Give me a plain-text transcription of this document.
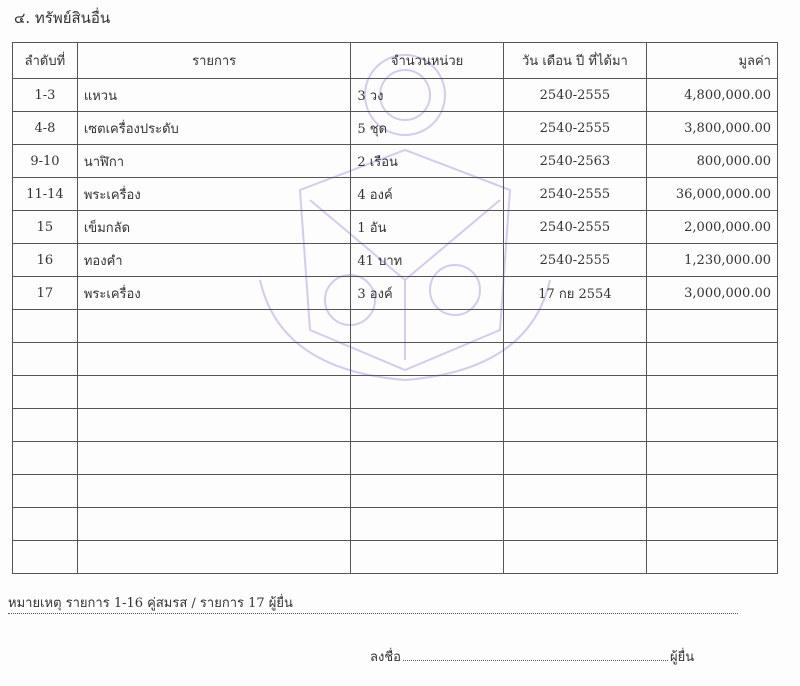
๔. ทรัพย์สินอื่น
ลำดับที่	รายการ	จำนวนหน่วย	วัน เดือน ปี ที่ได้มา	มูลค่า
1-3	แหวน	3 วง	2540-2555	4,800,000.00
4-8	เซตเครื่องประดับ	5 ชุด	2540-2555	3,800,000.00
9-10	นาฬิกา	2 เรือน	2540-2563	800,000.00
11-14	พระเครื่อง	4 องค์	2540-2555	36,000,000.00
15	เข็มกลัด	1 อัน	2540-2555	2,000,000.00
16	ทองคำ	41 บาท	2540-2555	1,230,000.00
17	พระเครื่อง	3 องค์	17 กย 2554	3,000,000.00

หมายเหตุ รายการ 1-16 คู่สมรส / รายการ 17 ผู้ยื่น
ลงชื่อ	ผู้ยื่น
